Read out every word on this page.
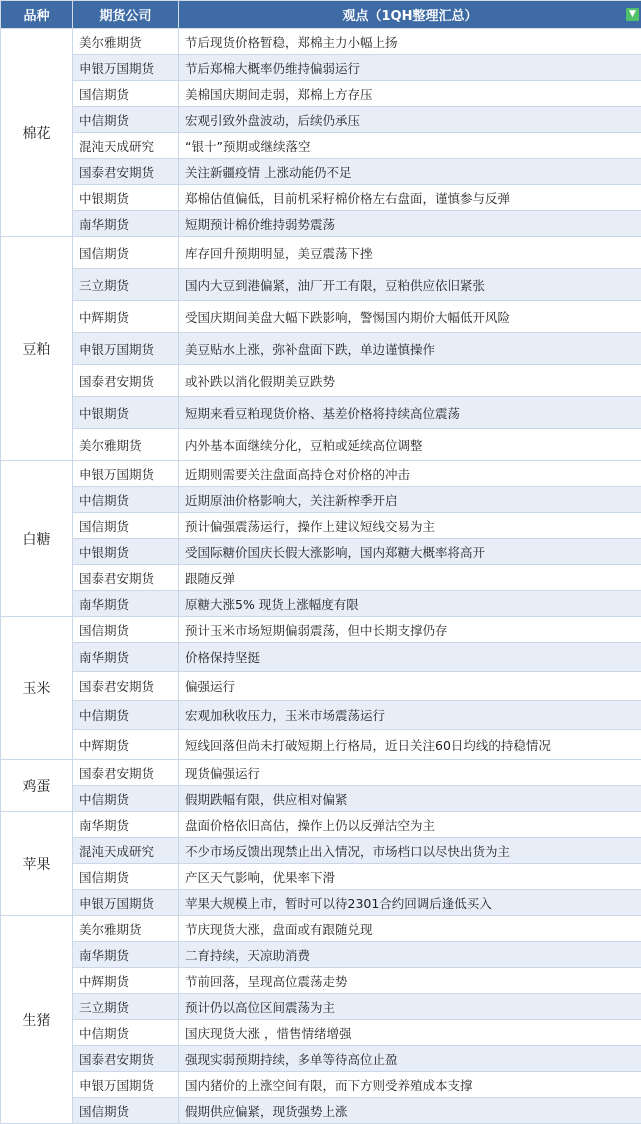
品种	期货公司	观点（1QH整理汇总） ▼

棉花	美尔雅期货	节后现货价格暂稳，郑棉主力小幅上扬
	申银万国期货	节后郑棉大概率仍维持偏弱运行
	国信期货	美棉国庆期间走弱，郑棉上方存压
	中信期货	宏观引致外盘波动，后续仍承压
	混沌天成研究	“银十”预期或继续落空
	国泰君安期货	关注新疆疫情 上涨动能仍不足
	中银期货	郑棉估值偏低，目前机采籽棉价格左右盘面，谨慎参与反弹
	南华期货	短期预计棉价维持弱势震荡
豆粕	国信期货	库存回升预期明显，美豆震荡下挫
	三立期货	国内大豆到港偏紧，油厂开工有限，豆粕供应依旧紧张
	中辉期货	受国庆期间美盘大幅下跌影响，警惕国内期价大幅低开风险
	申银万国期货	美豆贴水上涨，弥补盘面下跌，单边谨慎操作
	国泰君安期货	或补跌以消化假期美豆跌势
	中银期货	短期来看豆粕现货价格、基差价格将持续高位震荡
	美尔雅期货	内外基本面继续分化，豆粕或延续高位调整
白糖	申银万国期货	近期则需要关注盘面高持仓对价格的冲击
	中信期货	近期原油价格影响大，关注新榨季开启
	国信期货	预计偏强震荡运行，操作上建议短线交易为主
	中银期货	受国际糖价国庆长假大涨影响，国内郑糖大概率将高开
	国泰君安期货	跟随反弹
	南华期货	原糖大涨5% 现货上涨幅度有限
玉米	国信期货	预计玉米市场短期偏弱震荡，但中长期支撑仍存
	南华期货	价格保持坚挺
	国泰君安期货	偏强运行
	中信期货	宏观加秋收压力，玉米市场震荡运行
	中辉期货	短线回落但尚未打破短期上行格局，近日关注60日均线的持稳情况
鸡蛋	国泰君安期货	现货偏强运行
	中信期货	假期跌幅有限，供应相对偏紧
苹果	南华期货	盘面价格依旧高估，操作上仍以反弹沽空为主
	混沌天成研究	不少市场反馈出现禁止出入情况，市场档口以尽快出货为主
	国信期货	产区天气影响，优果率下滑
	申银万国期货	苹果大规模上市，暂时可以待2301合约回调后逢低买入
生猪	美尔雅期货	节庆现货大涨，盘面或有跟随兑现
	南华期货	二育持续，天凉助消费
	中辉期货	节前回落，呈现高位震荡走势
	三立期货	预计仍以高位区间震荡为主
	中信期货	国庆现货大涨 ，惜售情绪增强
	国泰君安期货	强现实弱预期持续，多单等待高位止盈
	申银万国期货	国内猪价的上涨空间有限，而下方则受养殖成本支撑
	国信期货	假期供应偏紧，现货强势上涨
